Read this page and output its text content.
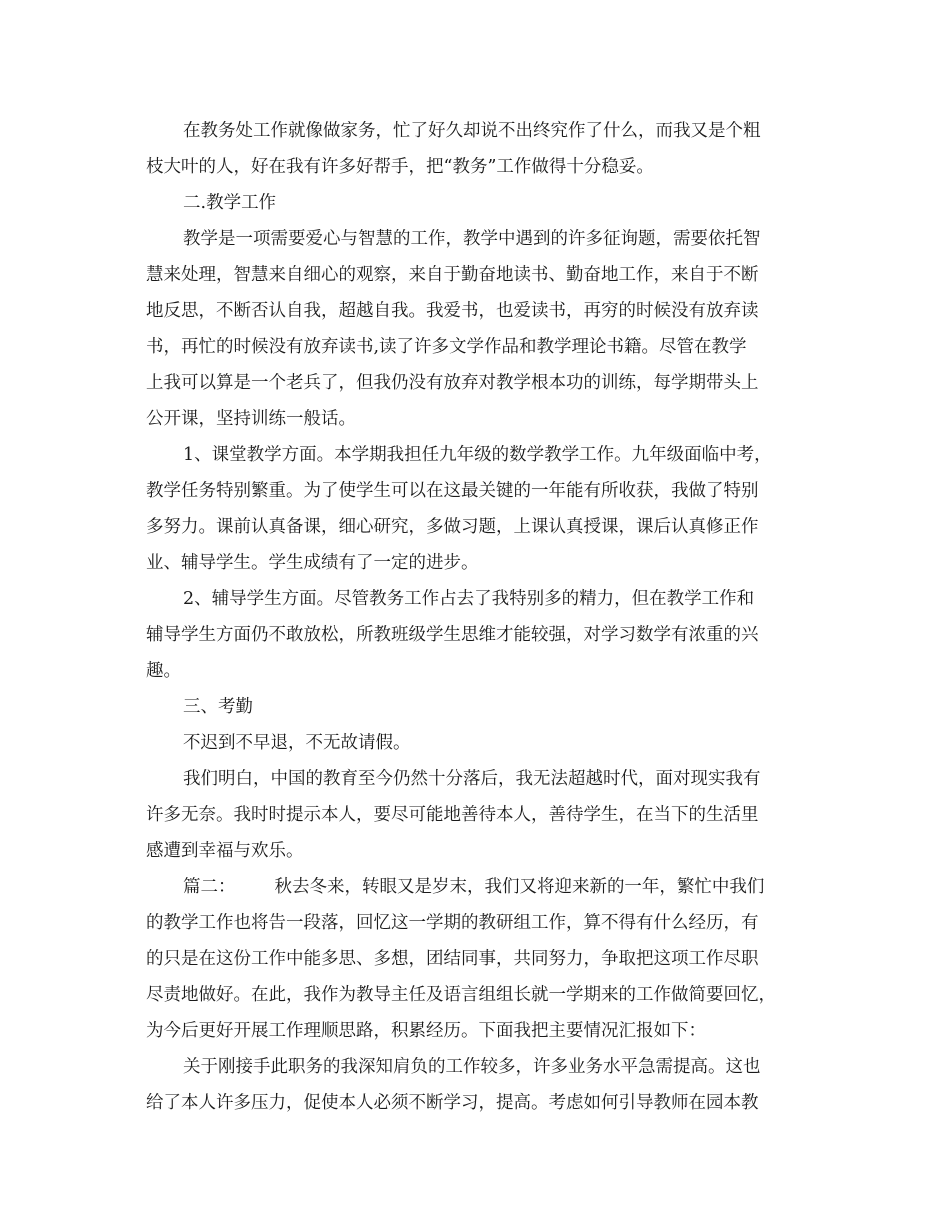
在教务处工作就像做家务，忙了好久却说不出终究作了什么，而我又是个粗

枝大叶的人，好在我有许多好帮手，把“教务”工作做得十分稳妥。

二.教学工作

教学是一项需要爱心与智慧的工作，教学中遇到的许多征询题，需要依托智

慧来处理，智慧来自细心的观察，来自于勤奋地读书、勤奋地工作，来自于不断

地反思，不断否认自我，超越自我。我爱书，也爱读书，再穷的时候没有放弃读

书，再忙的时候没有放弃读书,读了许多文学作品和教学理论书籍。尽管在教学

上我可以算是一个老兵了，但我仍没有放弃对教学根本功的训练，每学期带头上

公开课，坚持训练一般话。

1、课堂教学方面。本学期我担任九年级的数学教学工作。九年级面临中考，

教学任务特别繁重。为了使学生可以在这最关键的一年能有所收获，我做了特别

多努力。课前认真备课，细心研究，多做习题，上课认真授课，课后认真修正作

业、辅导学生。学生成绩有了一定的进步。

2、辅导学生方面。尽管教务工作占去了我特别多的精力，但在教学工作和

辅导学生方面仍不敢放松，所教班级学生思维才能较强，对学习数学有浓重的兴

趣。

三、考勤

不迟到不早退，不无故请假。

我们明白，中国的教育至今仍然十分落后，我无法超越时代，面对现实我有

许多无奈。我时时提示本人，要尽可能地善待本人，善待学生，在当下的生活里

感遭到幸福与欢乐。

篇二：       秋去冬来，转眼又是岁末，我们又将迎来新的一年，繁忙中我们

的教学工作也将告一段落，回忆这一学期的教研组工作，算不得有什么经历，有

的只是在这份工作中能多思、多想，团结同事，共同努力，争取把这项工作尽职

尽责地做好。在此，我作为教导主任及语言组组长就一学期来的工作做简要回忆，

为今后更好开展工作理顺思路，积累经历。下面我把主要情况汇报如下：

关于刚接手此职务的我深知肩负的工作较多，许多业务水平急需提高。这也

给了本人许多压力，促使本人必须不断学习，提高。考虑如何引导教师在园本教
